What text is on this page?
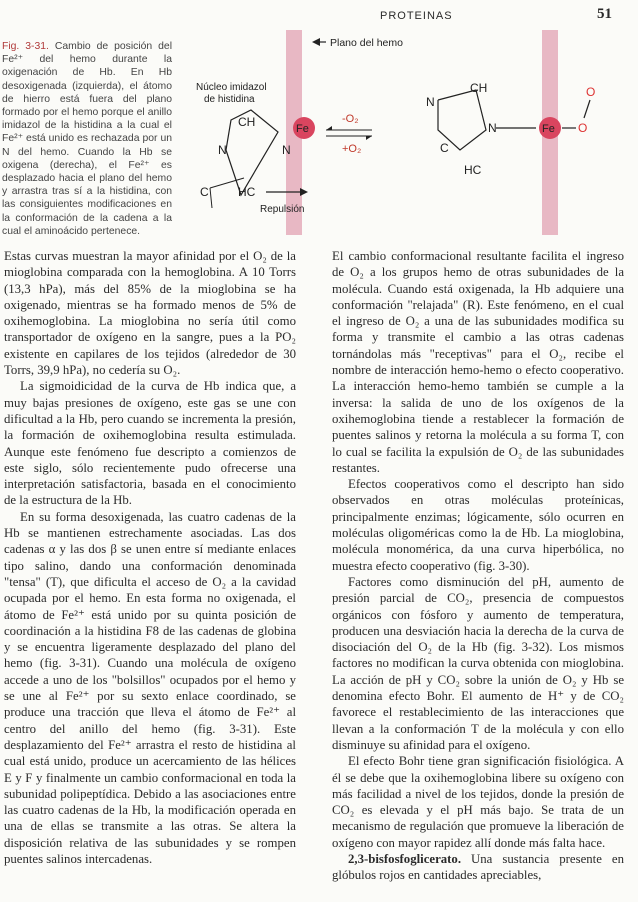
PROTEINAS	51
Fig. 3-31. Cambio de posición del Fe²⁺ del hemo durante la oxigenación de Hb. En Hb desoxigenada (izquierda), el átomo de hierro está fuera del plano formado por el hemo porque el anillo imidazol de la histidina a la cual el Fe²⁺ está unido es rechazada por un N del hemo. Cuando la Hb se oxigena (derecha), el Fe²⁺ es desplazado hacia el plano del hemo y arrastra tras sí a la histidina, con las consiguientes modificaciones en la conformación de la cadena a la cual el aminoácido pertenece.
Plano del hemo
Núcleo imidazol
de histidina
N
CH
N
C HC
Fe
Repulsión
-O₂
+O₂
N
CH
N
C
HC
Fe O
O

Estas curvas muestran la mayor afinidad por el O₂ de la mioglobina comparada con la hemoglobina. A 10 Torrs (13,3 hPa), más del 85% de la mioglobina se ha oxigenado, mientras se ha formado menos de 5% de oxihemoglobina. La mioglobina no sería útil como transportador de oxígeno en la sangre, pues a la PO₂ existente en capilares de los tejidos (alrededor de 30 Torrs, 39,9 hPa), no cedería su O₂.

La sigmoidicidad de la curva de Hb indica que, a muy bajas presiones de oxígeno, este gas se une con dificultad a la Hb, pero cuando se incrementa la presión, la formación de oxihemoglobina resulta estimulada. Aunque este fenómeno fue descripto a comienzos de este siglo, sólo recientemente pudo ofrecerse una interpretación satisfactoria, basada en el conocimiento de la estructura de la Hb.

En su forma desoxigenada, las cuatro cadenas de la Hb se mantienen estrechamente asociadas. Las dos cadenas α y las dos β se unen entre sí mediante enlaces tipo salino, dando una conformación denominada "tensa" (T), que dificulta el acceso de O₂ a la cavidad ocupada por el hemo. En esta forma no oxigenada, el átomo de Fe²⁺ está unido por su quinta posición de coordinación a la histidina F8 de las cadenas de globina y se encuentra ligeramente desplazado del plano del hemo (fig. 3-31). Cuando una molécula de oxígeno accede a uno de los "bolsillos" ocupados por el hemo y se une al Fe²⁺ por su sexto enlace coordinado, se produce una tracción que lleva el átomo de Fe²⁺ al centro del anillo del hemo (fig. 3-31). Este desplazamiento del Fe²⁺ arrastra el resto de histidina al cual está unido, produce un acercamiento de las hélices E y F y finalmente un cambio conformacional en toda la subunidad polipeptídica. Debido a las asociaciones entre las cuatro cadenas de la Hb, la modificación operada en una de ellas se transmite a las otras. Se altera la disposición relativa de las subunidades y se rompen puentes salinos intercadenas.

El cambio conformacional resultante facilita el ingreso de O₂ a los grupos hemo de otras subunidades de la molécula. Cuando está oxigenada, la Hb adquiere una conformación "relajada" (R). Este fenómeno, en el cual el ingreso de O₂ a una de las subunidades modifica su forma y transmite el cambio a las otras cadenas tornándolas más "receptivas" para el O₂, recibe el nombre de interacción hemo-hemo o efecto cooperativo. La interacción hemo-hemo también se cumple a la inversa: la salida de uno de los oxígenos de la oxihemoglobina tiende a restablecer la formación de puentes salinos y retorna la molécula a su forma T, con lo cual se facilita la expulsión de O₂ de las subunidades restantes.

Efectos cooperativos como el descripto han sido observados en otras moléculas proteínicas, principalmente enzimas; lógicamente, sólo ocurren en moléculas oligoméricas como la de Hb. La mioglobina, molécula monomérica, da una curva hiperbólica, no muestra efecto cooperativo (fig. 3-30).

Factores como disminución del pH, aumento de presión parcial de CO₂, presencia de compuestos orgánicos con fósforo y aumento de temperatura, producen una desviación hacia la derecha de la curva de disociación del O₂ de la Hb (fig. 3-32). Los mismos factores no modifican la curva obtenida con mioglobina. La acción de pH y CO₂ sobre la unión de O₂ y Hb se denomina efecto Bohr. El aumento de H⁺ y de CO₂ favorece el restablecimiento de las interacciones que llevan a la conformación T de la molécula y con ello disminuye su afinidad para el oxígeno.

El efecto Bohr tiene gran significación fisiológica. A él se debe que la oxihemoglobina libere su oxígeno con más facilidad a nivel de los tejidos, donde la presión de CO₂ es elevada y el pH más bajo. Se trata de un mecanismo de regulación que promueve la liberación de oxígeno con mayor rapidez allí donde más falta hace.

2,3-bisfosfoglicerato. Una sustancia presente en glóbulos rojos en cantidades apreciables,
